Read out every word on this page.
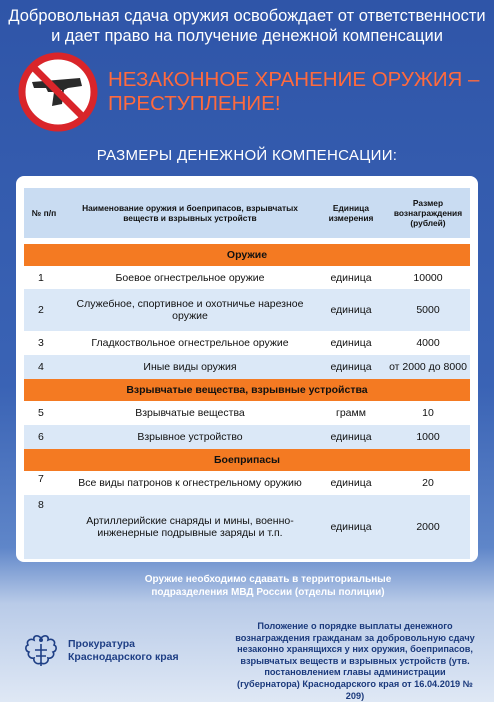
Добровольная сдача оружия освобождает от ответственности и дает право на получение денежной компенсации
НЕЗАКОННОЕ ХРАНЕНИЕ ОРУЖИЯ – ПРЕСТУПЛЕНИЕ!
РАЗМЕРЫ ДЕНЕЖНОЙ КОМПЕНСАЦИИ:
№ п/п	Наименование оружия и боеприпасов, взрывчатых веществ и взрывных устройств	Единица измерения	Размер вознаграждения (рублей)

Оружие			
1	Боевое огнестрельное оружие	единица	10000
2	Служебное, спортивное и охотничье нарезное оружие	единица	5000
3	Гладкоствольное огнестрельное оружие	единица	4000
4	Иные виды оружия	единица	от 2000 до 8000
Взрывчатые вещества, взрывные устройства			
5	Взрывчатые вещества	грамм	10
6	Взрывное устройство	единица	1000
Боеприпасы			
7	Все виды патронов к огнестрельному оружию	единица	20
8	Артиллерийские снаряды и мины, военно-инженерные подрывные заряды и т.п.	единица	2000
Оружие необходимо сдавать в территориальные подразделения МВД России (отделы полиции)
Прокуратура
Краснодарского края
Положение о порядке выплаты денежного вознаграждения гражданам за добровольную сдачу незаконно хранящихся у них оружия, боеприпасов, взрывчатых веществ и взрывных устройств (утв. постановлением главы администрации (губернатора) Краснодарского края от 16.04.2019 № 209)
